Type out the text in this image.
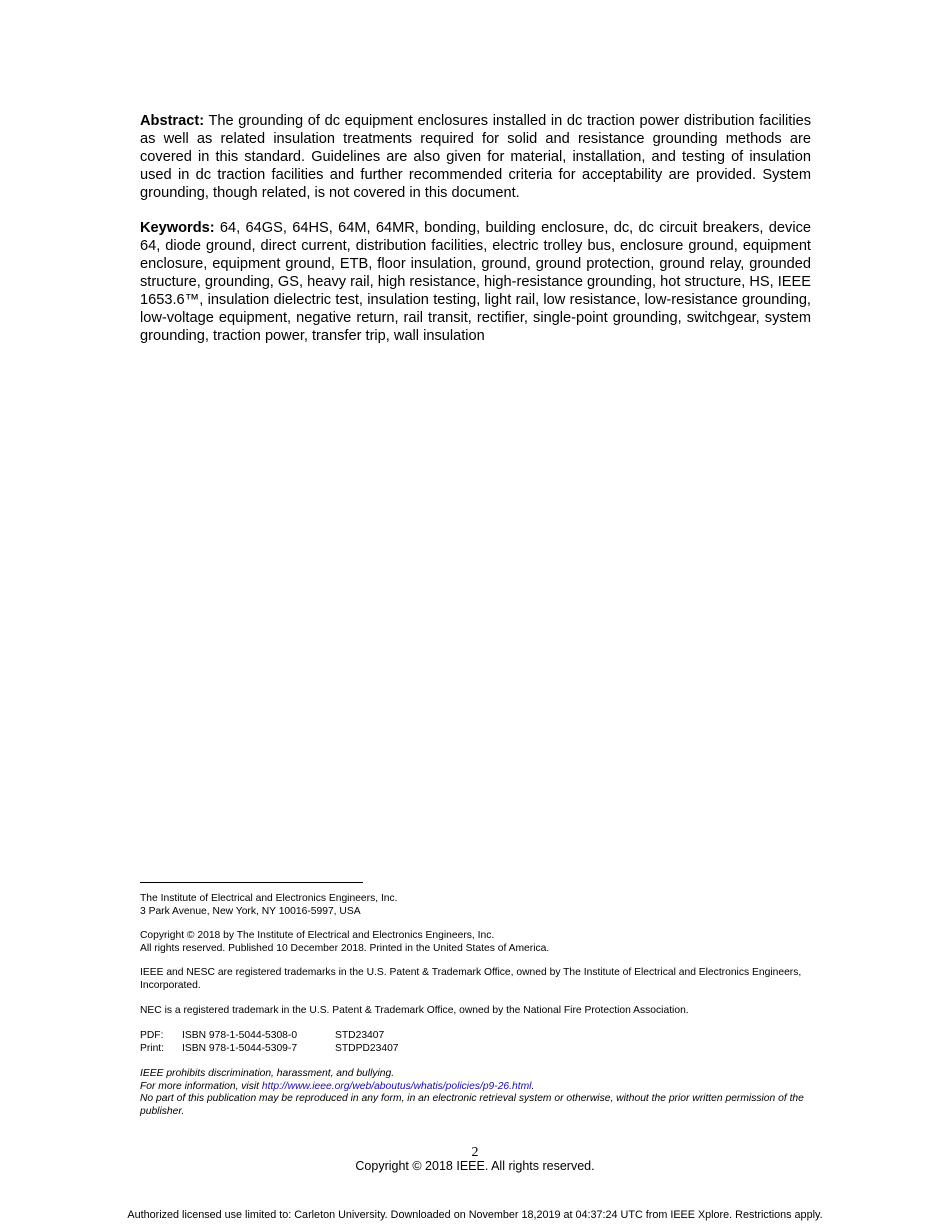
Abstract: The grounding of dc equipment enclosures installed in dc traction power distribution facilities as well as related insulation treatments required for solid and resistance grounding methods are covered in this standard. Guidelines are also given for material, installation, and testing of insulation used in dc traction facilities and further recommended criteria for acceptability are provided. System grounding, though related, is not covered in this document.

Keywords: 64, 64GS, 64HS, 64M, 64MR, bonding, building enclosure, dc, dc circuit breakers, device 64, diode ground, direct current, distribution facilities, electric trolley bus, enclosure ground, equipment enclosure, equipment ground, ETB, floor insulation, ground, ground protection, ground relay, grounded structure, grounding, GS, heavy rail, high resistance, high-resistance grounding, hot structure, HS, IEEE 1653.6™, insulation dielectric test, insulation testing, light rail, low resistance, low-resistance grounding, low-voltage equipment, negative return, rail transit, rectifier, single-point grounding, switchgear, system grounding, traction power, transfer trip, wall insulation

The Institute of Electrical and Electronics Engineers, Inc.

3 Park Avenue, New York, NY 10016-5997, USA

Copyright © 2018 by The Institute of Electrical and Electronics Engineers, Inc.

All rights reserved. Published 10 December 2018. Printed in the United States of America.

IEEE and NESC are registered trademarks in the U.S. Patent & Trademark Office, owned by The Institute of Electrical and Electronics Engineers, Incorporated.

NEC is a registered trademark in the U.S. Patent & Trademark Office, owned by the National Fire Protection Association.

PDF:	ISBN 978-1-5044-5308-0	STD23407
Print:	ISBN 978-1-5044-5309-7	STDPD23407

IEEE prohibits discrimination, harassment, and bullying.

For more information, visit http://www.ieee.org/web/aboutus/whatis/policies/p9-26.html.

No part of this publication may be reproduced in any form, in an electronic retrieval system or otherwise, without the prior written permission of the publisher.

2
Copyright © 2018 IEEE. All rights reserved.
Authorized licensed use limited to: Carleton University. Downloaded on November 18,2019 at 04:37:24 UTC from IEEE Xplore. Restrictions apply.
